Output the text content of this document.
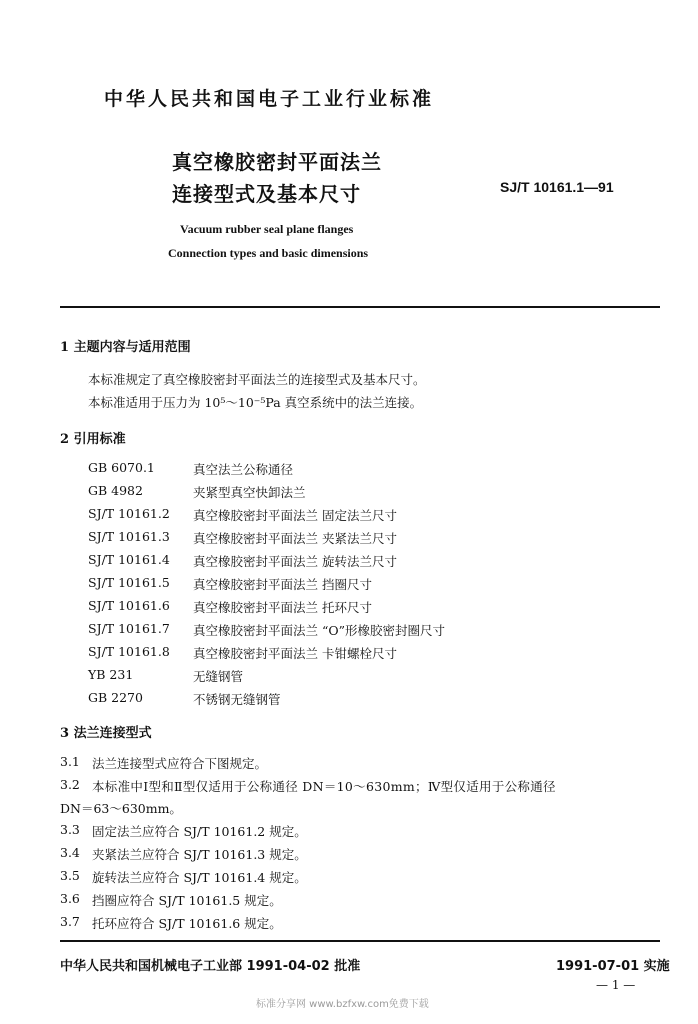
中华人民共和国电子工业行业标准
真空橡胶密封平面法兰
连接型式及基本尺寸	SJ/T 10161.1—91
Vacuum rubber seal plane flanges
Connection types and basic dimensions
1 主题内容与适用范围
本标准规定了真空橡胶密封平面法兰的连接型式及基本尺寸。
本标准适用于压力为 10⁵～10⁻⁵Pa 真空系统中的法兰连接。
2 引用标准
GB 6070.1	真空法兰公称通径
GB 4982	夹紧型真空快卸法兰
SJ/T 10161.2 真空橡胶密封平面法兰 固定法兰尺寸
SJ/T 10161.3 真空橡胶密封平面法兰 夹紧法兰尺寸
SJ/T 10161.4 真空橡胶密封平面法兰 旋转法兰尺寸
SJ/T 10161.5 真空橡胶密封平面法兰 挡圈尺寸
SJ/T 10161.6 真空橡胶密封平面法兰 托环尺寸
SJ/T 10161.7 真空橡胶密封平面法兰 “O”形橡胶密封圈尺寸
SJ/T 10161.8 真空橡胶密封平面法兰 卡钳螺栓尺寸
YB 231	无缝钢管
GB 2270	不锈钢无缝钢管
3 法兰连接型式
3.1 法兰连接型式应符合下图规定。
3.2 本标准中Ⅰ型和Ⅱ型仅适用于公称通径 DN＝10～630mm；Ⅳ型仅适用于公称通径
DN＝63～630mm。
3.3 固定法兰应符合 SJ/T 10161.2 规定。
3.4 夹紧法兰应符合 SJ/T 10161.3 规定。
3.5 旋转法兰应符合 SJ/T 10161.4 规定。
3.6 挡圈应符合 SJ/T 10161.5 规定。
3.7 托环应符合 SJ/T 10161.6 规定。
中华人民共和国机械电子工业部 1991-04-02 批准	1991-07-01 实施
— 1 —
标准分享网 www.bzfxw.com免费下载
